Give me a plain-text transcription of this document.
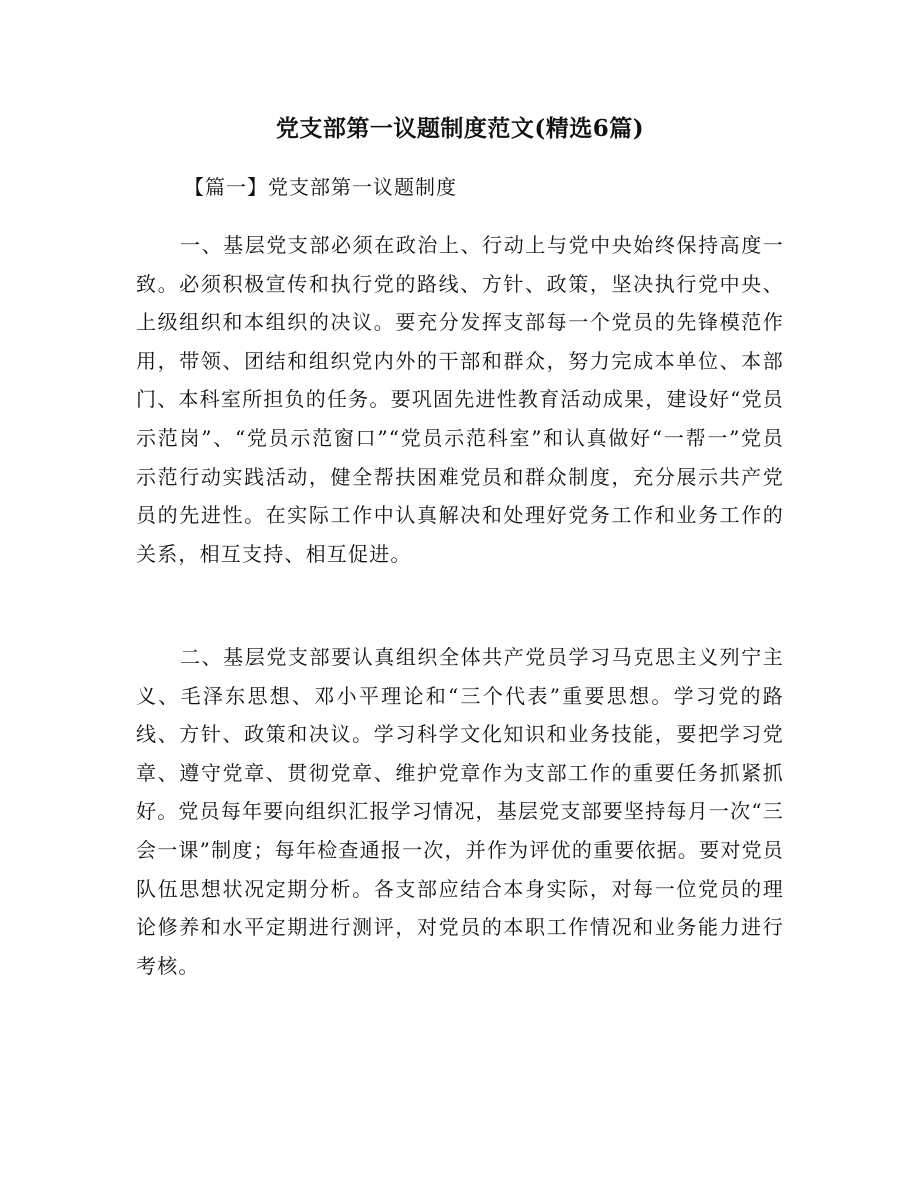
党支部第一议题制度范文(精选6篇)
【篇一】党支部第一议题制度

一、基层党支部必须在政治上、行动上与党中央始终保持高度一致。必须积极宣传和执行党的路线、方针、政策，坚决执行党中央、上级组织和本组织的决议。要充分发挥支部每一个党员的先锋模范作用，带领、团结和组织党内外的干部和群众，努力完成本单位、本部门、本科室所担负的任务。要巩固先进性教育活动成果，建设好“党员示范岗”、“党员示范窗口”“党员示范科室”和认真做好“一帮一”党员示范行动实践活动，健全帮扶困难党员和群众制度，充分展示共产党员的先进性。在实际工作中认真解决和处理好党务工作和业务工作的关系，相互支持、相互促进。

二、基层党支部要认真组织全体共产党员学习马克思主义列宁主义、毛泽东思想、邓小平理论和“三个代表”重要思想。学习党的路线、方针、政策和决议。学习科学文化知识和业务技能，要把学习党章、遵守党章、贯彻党章、维护党章作为支部工作的重要任务抓紧抓好。党员每年要向组织汇报学习情况，基层党支部要坚持每月一次“三会一课”制度；每年检查通报一次，并作为评优的重要依据。要对党员队伍思想状况定期分析。各支部应结合本身实际，对每一位党员的理论修养和水平定期进行测评，对党员的本职工作情况和业务能力进行考核。
